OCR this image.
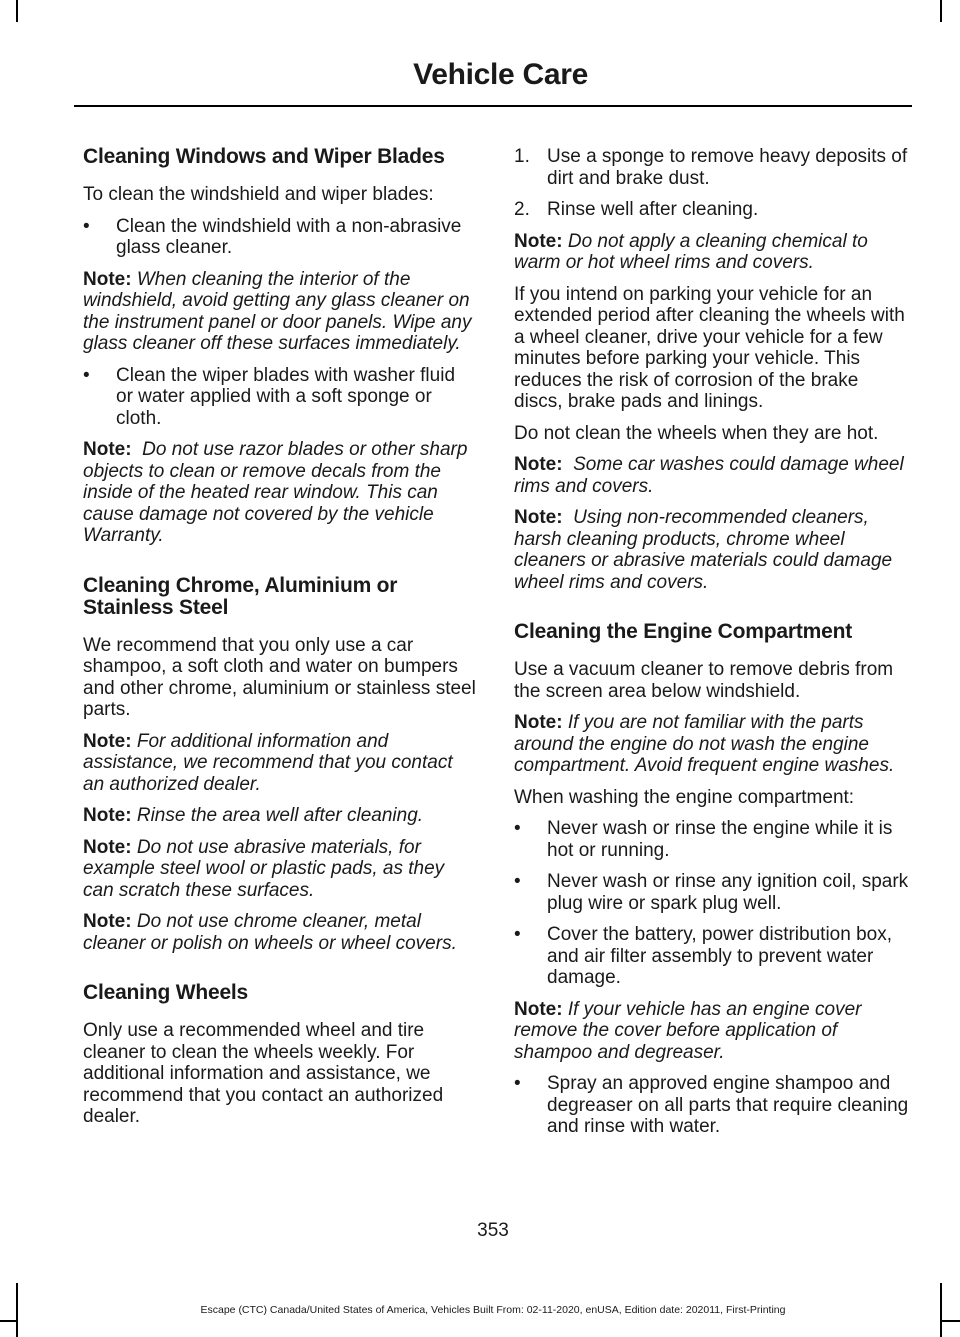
Vehicle Care
Cleaning Windows and Wiper Blades

To clean the windshield and wiper blades:

• Clean the windshield with a non-abrasive glass cleaner.

Note: When cleaning the interior of the windshield, avoid getting any glass cleaner on the instrument panel or door panels. Wipe any glass cleaner off these surfaces immediately.

• Clean the wiper blades with washer fluid or water applied with a soft sponge or cloth.

Note: Do not use razor blades or other sharp objects to clean or remove decals from the inside of the heated rear window. This can cause damage not covered by the vehicle Warranty.

Cleaning Chrome, Aluminium or Stainless Steel

We recommend that you only use a car shampoo, a soft cloth and water on bumpers and other chrome, aluminium or stainless steel parts.

Note: For additional information and assistance, we recommend that you contact an authorized dealer.

Note: Rinse the area well after cleaning.

Note: Do not use abrasive materials, for example steel wool or plastic pads, as they can scratch these surfaces.

Note: Do not use chrome cleaner, metal cleaner or polish on wheels or wheel covers.

Cleaning Wheels

Only use a recommended wheel and tire cleaner to clean the wheels weekly. For additional information and assistance, we recommend that you contact an authorized dealer.

1. Use a sponge to remove heavy deposits of dirt and brake dust.
2. Rinse well after cleaning.

Note: Do not apply a cleaning chemical to warm or hot wheel rims and covers.

If you intend on parking your vehicle for an extended period after cleaning the wheels with a wheel cleaner, drive your vehicle for a few minutes before parking your vehicle. This reduces the risk of corrosion of the brake discs, brake pads and linings.

Do not clean the wheels when they are hot.

Note: Some car washes could damage wheel rims and covers.

Note: Using non-recommended cleaners, harsh cleaning products, chrome wheel cleaners or abrasive materials could damage wheel rims and covers.

Cleaning the Engine Compartment

Use a vacuum cleaner to remove debris from the screen area below windshield.

Note: If you are not familiar with the parts around the engine do not wash the engine compartment. Avoid frequent engine washes.

When washing the engine compartment:

• Never wash or rinse the engine while it is hot or running.
• Never wash or rinse any ignition coil, spark plug wire or spark plug well.
• Cover the battery, power distribution box, and air filter assembly to prevent water damage.

Note: If your vehicle has an engine cover remove the cover before application of shampoo and degreaser.

• Spray an approved engine shampoo and degreaser on all parts that require cleaning and rinse with water.
353
Escape (CTC) Canada/United States of America, Vehicles Built From: 02-11-2020, enUSA, Edition date: 202011, First-Printing
